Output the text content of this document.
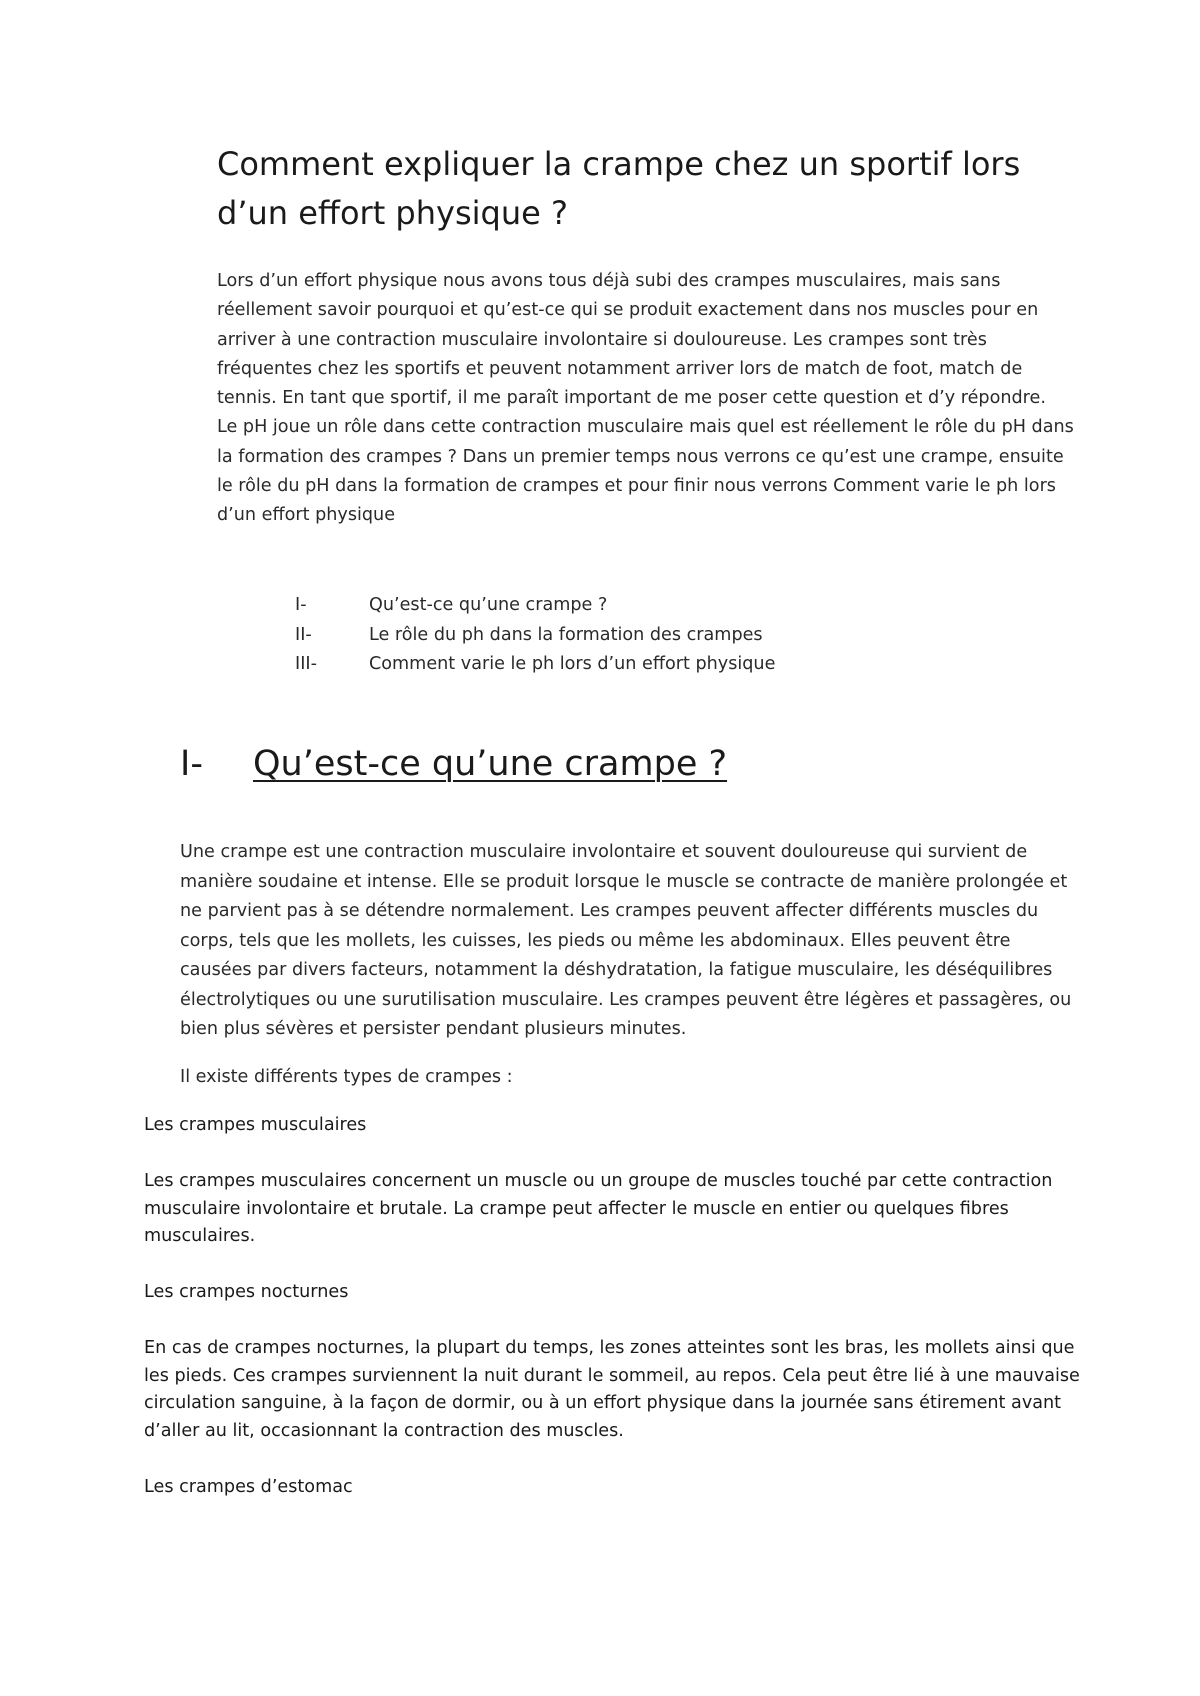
Comment expliquer la crampe chez un sportif lors d’un effort physique ?

Lors d’un effort physique nous avons tous déjà subi des crampes musculaires, mais sans réellement savoir pourquoi et qu’est-ce qui se produit exactement dans nos muscles pour en arriver à une contraction musculaire involontaire si douloureuse. Les crampes sont très fréquentes chez les sportifs et peuvent notamment arriver lors de match de foot, match de tennis. En tant que sportif, il me paraît important de me poser cette question et d’y répondre.

Le pH joue un rôle dans cette contraction musculaire mais quel est réellement le rôle du pH dans la formation des crampes ? Dans un premier temps nous verrons ce qu’est une crampe, ensuite le rôle du pH dans la formation de crampes et pour finir nous verrons Comment varie le ph lors d’un effort physique

I-	Qu’est-ce qu’une crampe ?
II-	Le rôle du ph dans la formation des crampes
III-	Comment varie le ph lors d’un effort physique
I-	Qu’est-ce qu’une crampe ?

Une crampe est une contraction musculaire involontaire et souvent douloureuse qui survient de manière soudaine et intense. Elle se produit lorsque le muscle se contracte de manière prolongée et ne parvient pas à se détendre normalement. Les crampes peuvent affecter différents muscles du corps, tels que les mollets, les cuisses, les pieds ou même les abdominaux. Elles peuvent être causées par divers facteurs, notamment la déshydratation, la fatigue musculaire, les déséquilibres électrolytiques ou une surutilisation musculaire. Les crampes peuvent être légères et passagères, ou bien plus sévères et persister pendant plusieurs minutes.

Il existe différents types de crampes :

Les crampes musculaires

Les crampes musculaires concernent un muscle ou un groupe de muscles touché par cette contraction musculaire involontaire et brutale. La crampe peut affecter le muscle en entier ou quelques fibres musculaires.

Les crampes nocturnes

En cas de crampes nocturnes, la plupart du temps, les zones atteintes sont les bras, les mollets ainsi que les pieds. Ces crampes surviennent la nuit durant le sommeil, au repos. Cela peut être lié à une mauvaise circulation sanguine, à la façon de dormir, ou à un effort physique dans la journée sans étirement avant d’aller au lit, occasionnant la contraction des muscles.

Les crampes d’estomac
